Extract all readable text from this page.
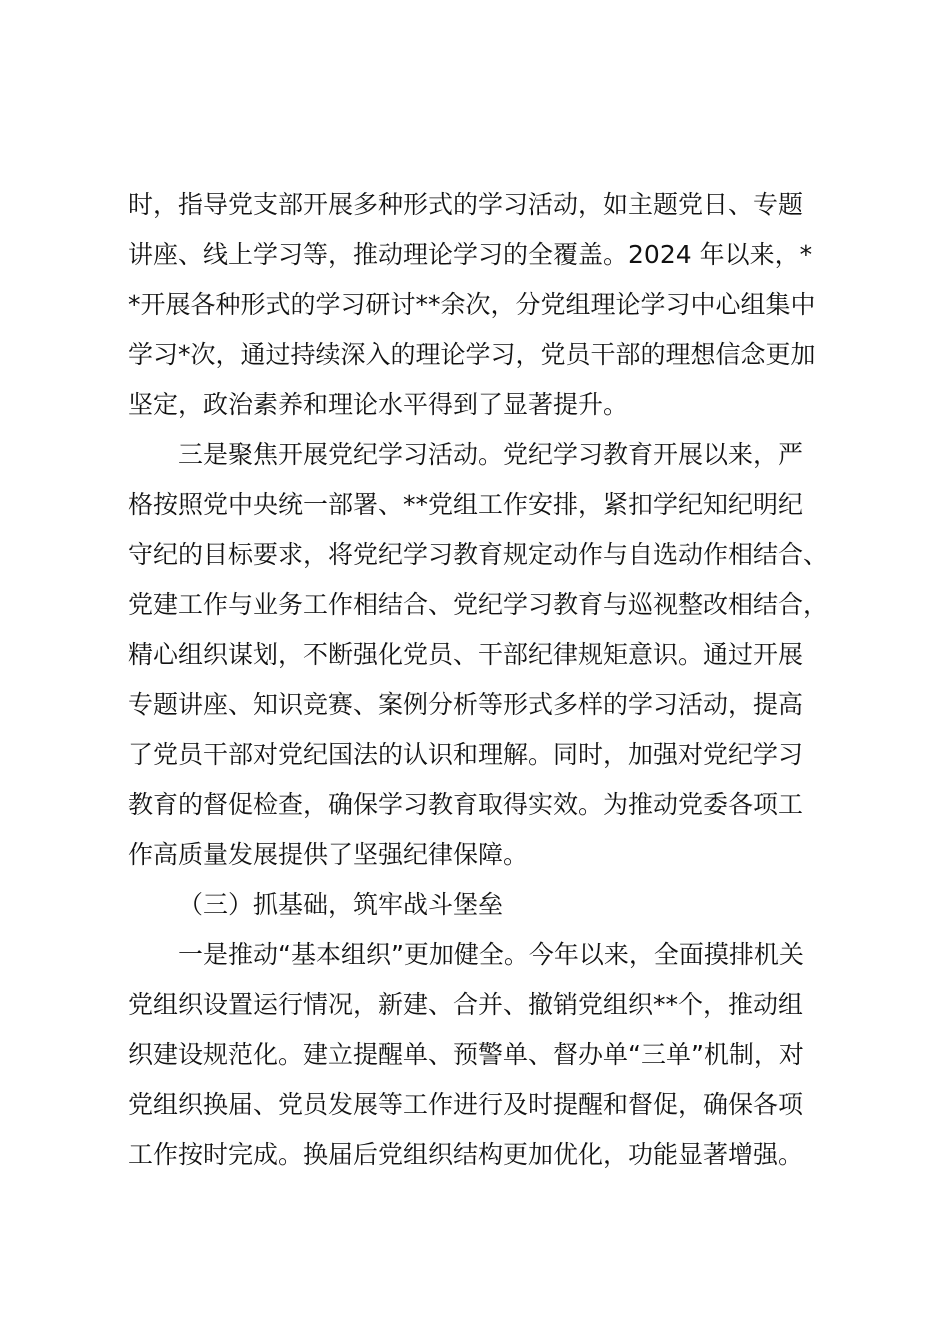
时，指导党支部开展多种形式的学习活动，如主题党日、专题
讲座、线上学习等，推动理论学习的全覆盖。2024 年以来，*
*开展各种形式的学习研讨**余次，分党组理论学习中心组集中
学习*次，通过持续深入的理论学习，党员干部的理想信念更加
坚定，政治素养和理论水平得到了显著提升。
三是聚焦开展党纪学习活动。党纪学习教育开展以来，严
格按照党中央统一部署、**党组工作安排，紧扣学纪知纪明纪
守纪的目标要求，将党纪学习教育规定动作与自选动作相结合、
党建工作与业务工作相结合、党纪学习教育与巡视整改相结合，
精心组织谋划，不断强化党员、干部纪律规矩意识。通过开展
专题讲座、知识竞赛、案例分析等形式多样的学习活动，提高
了党员干部对党纪国法的认识和理解。同时，加强对党纪学习
教育的督促检查，确保学习教育取得实效。为推动党委各项工
作高质量发展提供了坚强纪律保障。
（三）抓基础，筑牢战斗堡垒
一是推动“基本组织”更加健全。今年以来，全面摸排机关
党组织设置运行情况，新建、合并、撤销党组织**个，推动组
织建设规范化。建立提醒单、预警单、督办单“三单”机制，对
党组织换届、党员发展等工作进行及时提醒和督促，确保各项
工作按时完成。换届后党组织结构更加优化，功能显著增强。
